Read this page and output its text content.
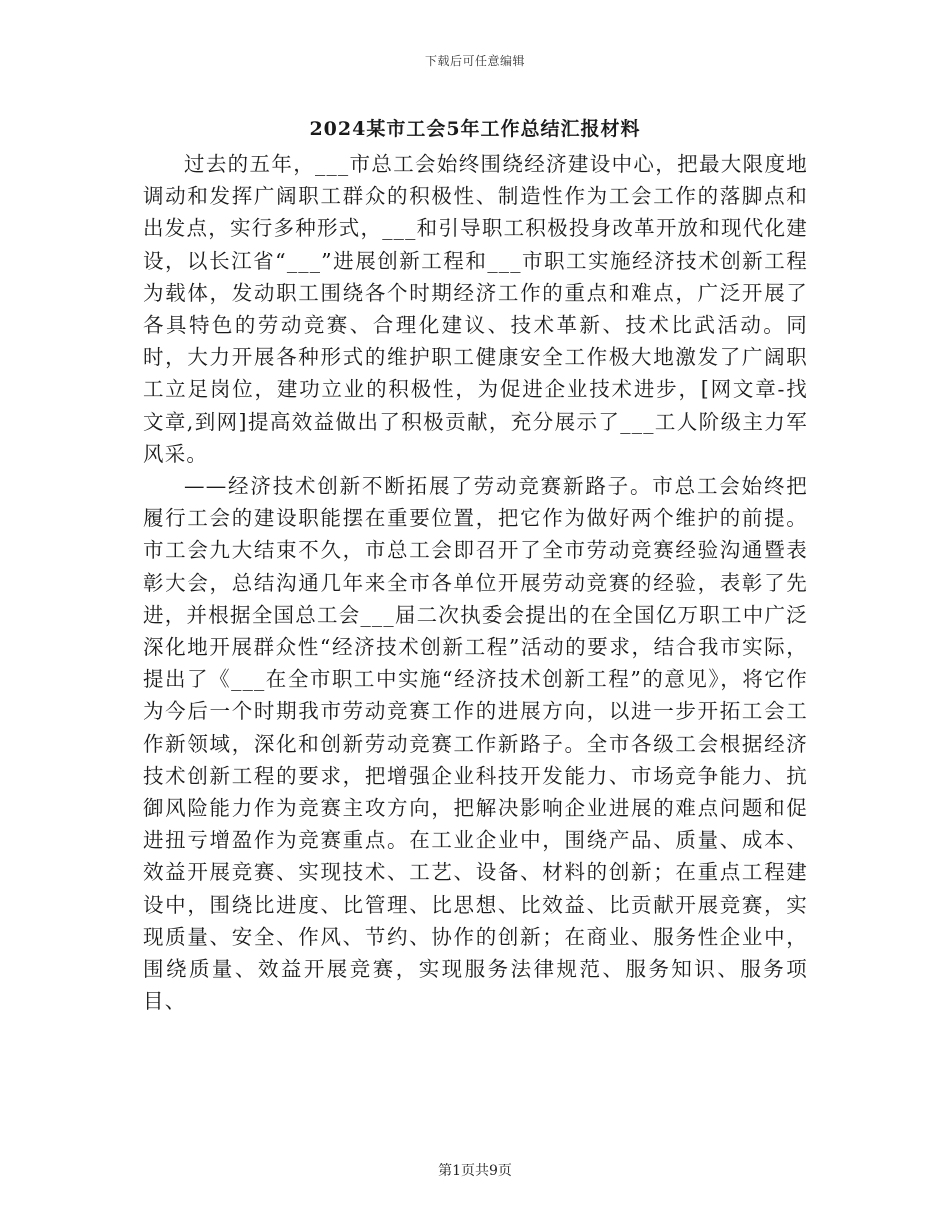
下载后可任意编辑
2024某市工会5年工作总结汇报材料

过去的五年，___市总工会始终围绕经济建设中心，把最大限度地调动和发挥广阔职工群众的积极性、制造性作为工会工作的落脚点和出发点，实行多种形式，___和引导职工积极投身改革开放和现代化建设，以长江省“___”进展创新工程和___市职工实施经济技术创新工程为载体，发动职工围绕各个时期经济工作的重点和难点，广泛开展了各具特色的劳动竞赛、合理化建议、技术革新、技术比武活动。同时，大力开展各种形式的维护职工健康安全工作极大地激发了广阔职工立足岗位，建功立业的积极性，为促进企业技术进步，[网文章-找文章,到网]提高效益做出了积极贡献，充分展示了___工人阶级主力军风采。

——经济技术创新不断拓展了劳动竞赛新路子。市总工会始终把履行工会的建设职能摆在重要位置，把它作为做好两个维护的前提。市工会九大结束不久，市总工会即召开了全市劳动竞赛经验沟通暨表彰大会，总结沟通几年来全市各单位开展劳动竞赛的经验，表彰了先进，并根据全国总工会___届二次执委会提出的在全国亿万职工中广泛深化地开展群众性“经济技术创新工程”活动的要求，结合我市实际，提出了《___在全市职工中实施“经济技术创新工程”的意见》，将它作为今后一个时期我市劳动竞赛工作的进展方向，以进一步开拓工会工作新领域，深化和创新劳动竞赛工作新路子。全市各级工会根据经济技术创新工程的要求，把增强企业科技开发能力、市场竞争能力、抗御风险能力作为竞赛主攻方向，把解决影响企业进展的难点问题和促进扭亏增盈作为竞赛重点。在工业企业中，围绕产品、质量、成本、效益开展竞赛、实现技术、工艺、设备、材料的创新；在重点工程建设中，围绕比进度、比管理、比思想、比效益、比贡献开展竞赛，实现质量、安全、作风、节约、协作的创新；在商业、服务性企业中，围绕质量、效益开展竞赛，实现服务法律规范、服务知识、服务项目、

第1页共9页
